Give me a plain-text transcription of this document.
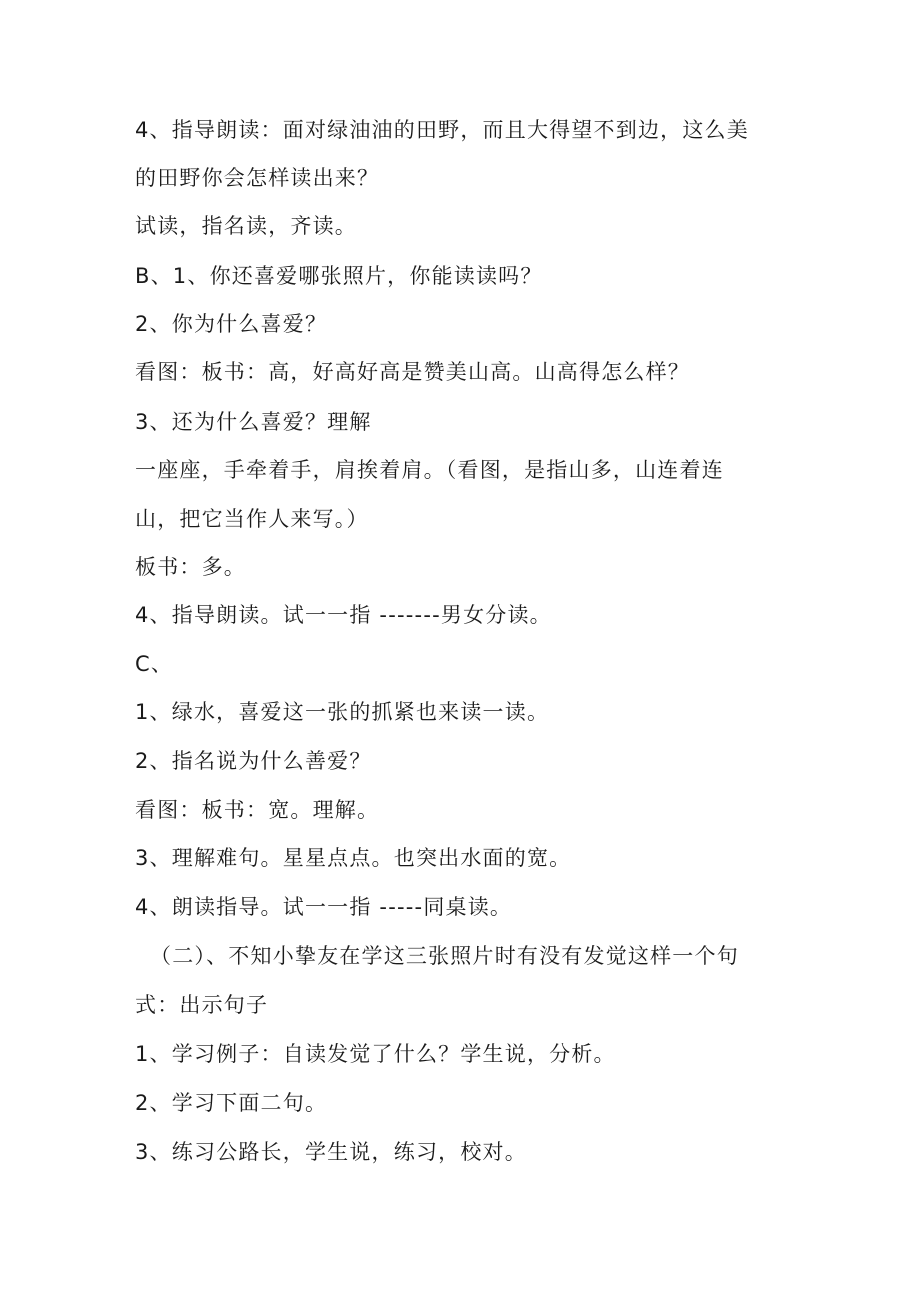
4、指导朗读：面对绿油油的田野，而且大得望不到边，这么美
的田野你会怎样读出来？
试读，指名读，齐读。
B、1、你还喜爱哪张照片，你能读读吗？
2、你为什么喜爱？
看图：板书：高，好高好高是赞美山高。山高得怎么样？
3、还为什么喜爱？理解
一座座，手牵着手，肩挨着肩。（看图，是指山多，山连着连
山，把它当作人来写。）
板书：多。
4、指导朗读。试一一指 -------男女分读。
C、
1、绿水，喜爱这一张的抓紧也来读一读。
2、指名说为什么善爱？
看图：板书：宽。理解。
3、理解难句。星星点点。也突出水面的宽。
4、朗读指导。试一一指 -----同桌读。
（二）、不知小挚友在学这三张照片时有没有发觉这样一个句
式：出示句子
1、学习例子：自读发觉了什么？学生说，分析。
2、学习下面二句。
3、练习公路长，学生说，练习，校对。
